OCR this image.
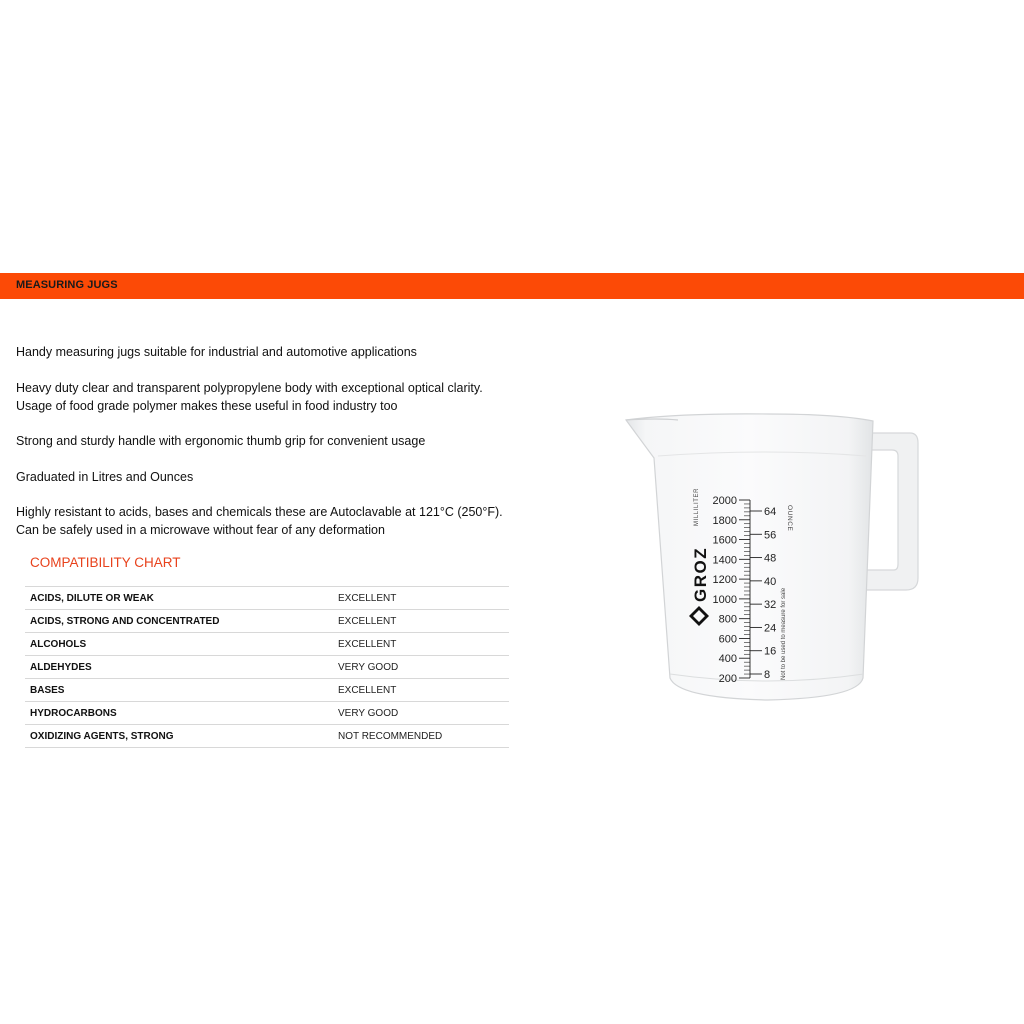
MEASURING JUGS

Handy measuring jugs suitable for industrial and automotive applications

Heavy duty clear and transparent polypropylene body with exceptional optical clarity.
Usage of food grade polymer makes these useful in food industry too

Strong and sturdy handle with ergonomic thumb grip for convenient usage

Graduated in Litres and Ounces

Highly resistant to acids, bases and chemicals these are Autoclavable at 121°C (250°F).
Can be safely used in a microwave without fear of any deformation

COMPATIBILITY CHART
ACIDS, DILUTE OR WEAK	EXCELLENT
ACIDS, STRONG AND CONCENTRATED	EXCELLENT
ALCOHOLS	EXCELLENT
ALDEHYDES	VERY GOOD
BASES	EXCELLENT
HYDROCARBONS	VERY GOOD
OXIDIZING AGENTS, STRONG	NOT RECOMMENDED
2000
1800
1600
1400
1200
1000
800
600
400
200
64
56
48
40
32
24
16
8
MILLILITER	OUNCE
Not to be used to measure for sale
GROZ
